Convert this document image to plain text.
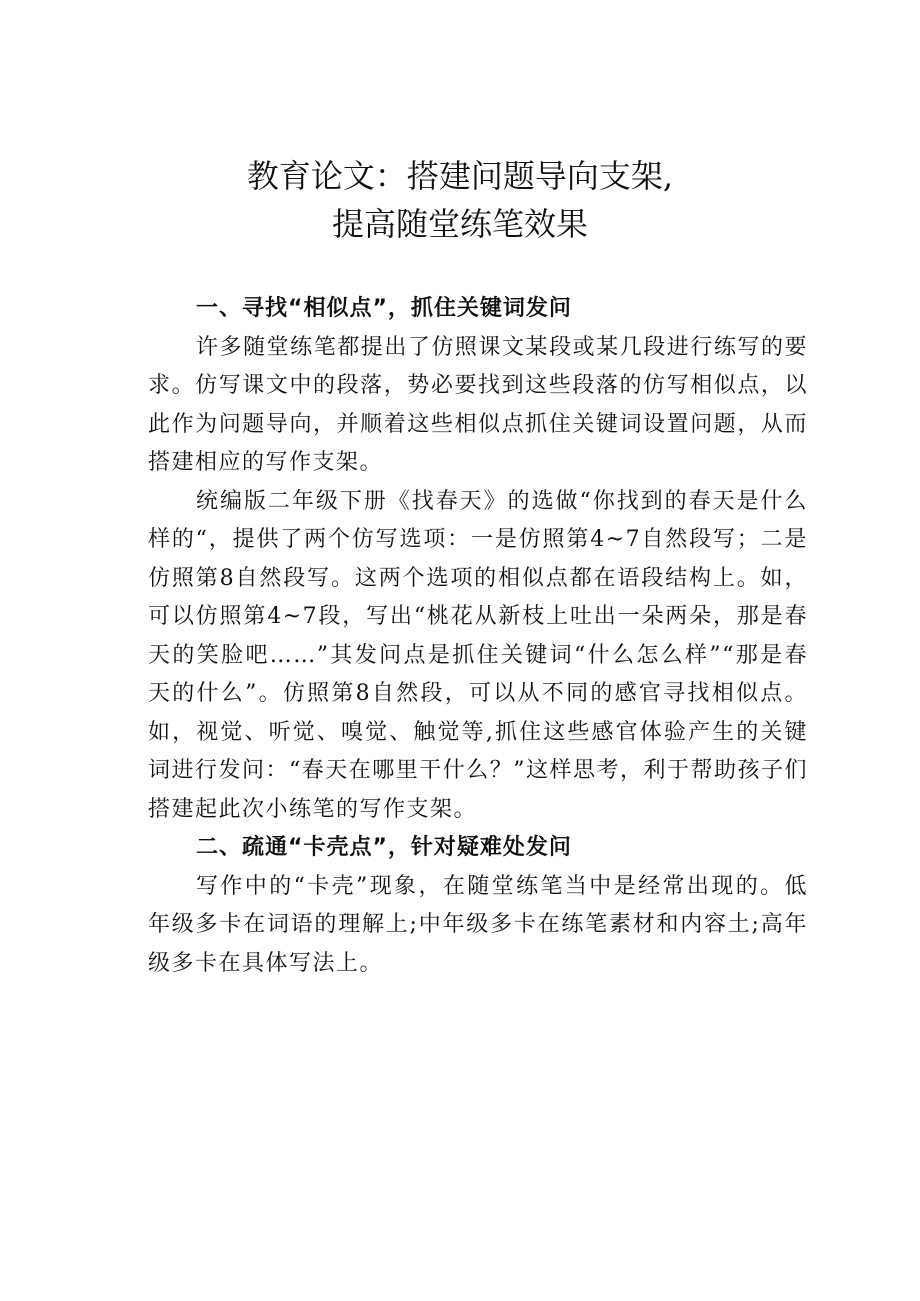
教育论文：搭建问题导向支架,
提高随堂练笔效果
一、寻找“相似点”，抓住关键词发问

许多随堂练笔都提出了仿照课文某段或某几段进行练写的要求。仿写课文中的段落，势必要找到这些段落的仿写相似点，以此作为问题导向，并顺着这些相似点抓住关键词设置问题，从而搭建相应的写作支架。

统编版二年级下册《找春天》的选做“你找到的春天是什么样的“，提供了两个仿写选项：一是仿照第4~7自然段写；二是仿照第8自然段写。这两个选项的相似点都在语段结构上。如，可以仿照第4~7段，写出“桃花从新枝上吐出一朵两朵，那是春天的笑脸吧……”其发问点是抓住关键词“什么怎么样”“那是春天的什么”。仿照第8自然段，可以从不同的感官寻找相似点。如，视觉、听觉、嗅觉、触觉等,抓住这些感官体验产生的关键词进行发问：“春天在哪里干什么？”这样思考，利于帮助孩子们搭建起此次小练笔的写作支架。

二、疏通“卡壳点”，针对疑难处发问

写作中的“卡壳”现象，在随堂练笔当中是经常出现的。低年级多卡在词语的理解上;中年级多卡在练笔素材和内容土;高年级多卡在具体写法上。
